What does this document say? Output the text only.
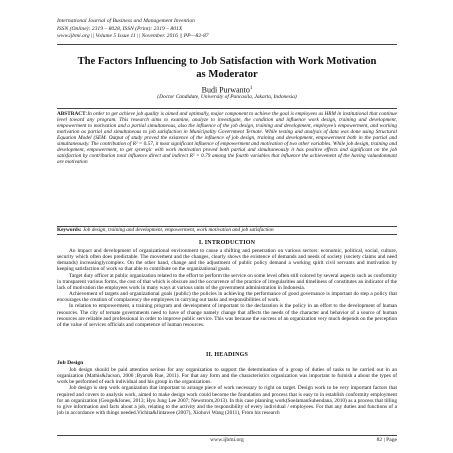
International Journal of Business and Management Invention
ISSN (Online): 2319 – 8028, ISSN (Print): 2319 – 801X
www.ijbmi.org || Volume 5 Issue 11 || November. 2016 || PP—82-87
The Factors Influencing to Job Satisfaction with Work Motivation
as Moderator
Budi Purwanto$^1$
(Doctor Candidate, University of Pancasila, Jakarta, Indonesia)
ABSTRACT:In order to get achieve job quality is aimed and optimally, major component to achieve the goal is employees as HRM in institutional that continue level toward any program. This research aims to examine, analyze to investigate, the condition and influence work design, training and development, empowerment to motivation and a partial simultaneous, also the influence of the job design, training and development, employee’s empowerment, and working motivation as partial and simultaneous to job satisfaction in Municipality Government Ternate. While testing and analysis of data was done using Structural Equation Model (SEM. Output of study proved the existence of the influence of job design, training and development, empowerment both in the partial and simultaneously. The contribution of R² = 0.57, it most significant influence of empowerment and motivation of two other variables. While job design, training and development, empowerment, to get synergic with work motivation proved both partial and simultaneously it has positive effects and significant on the job satisfaction by contribution total influence direct and indirect R² = 0.79 among the fourth variables that influence the achievement of the having valuedomnant are motivation
Keywords: Job design, training and development, empowerment, work motivation and job satisfaction
I. INTRODUCTION

An impact and development of organizational environment to cause a shifting and penetration on various sectors: economic, political, social, culture, security which often does predictable. The movement and the changes, clearly shows the existence of demands and needs of society (society claims and need demands) increasinglycomplex. On the other hand, change and the adjustment of public policy demand a working spirit civil servants and motivation by keeping satisfaction of work so that able to contribute on the organizational goals.

Target duty officer at public organization related to the effort to perform the service on some level often still colored by several aspects such as conformity in transparent various forms, the cost of that which is obscure and the occurrence of the practice of irregularities and timeliness of constitutes an indicator of the lack of motivation the employees work in many ways at various units of the government administration in Indonesia.

Achievement of targets and organizational goals (public) the policies in achieving the performance of good governance is important do step a policy that encourages the creation of complacency the employees in carrying out tasks and responsibilities of work.

In relation to empowerment, a training program and development of important to the declaration is the policy in an effort to the development of human resources. The city of ternate governments need to have of change namely change that affects the needs of the character and behavior of a source of human resources are reliable and professional in order to improve public service. This was because the success of an organization very much depends on the perception of the value of services officials and competence of human resources.

II. HEADINGS
Job Design

Job design should be paid attention serious for any organization to support the determination of a group of duties of tasks to be carried out in an organization (Mathis&Jacson, 2006 ;Byars& Rue, 2011). For that any form and the characteristics organization was important to furnish a about the types of work be performed of each individual and his group in the organizations.

Job design is step work organization that important to arrange piece of work necessary to right on target. Design work to be very important factors that required and covers to analysis work, aimed to make design work could become the foundation and process that is easy to in establish conformity employment for an organization (Geoge&Jones, 2013; Hyu Jung Lee 2007; Newstrom,2013). In this case planning work(SoelamanSuhendana, 2010) as a process that tilling to give information and facts about a job, relating to the activity and the responsibility of every individual / employees. For that any duties and functions of a job in accordance with things needed.Vichita&Jintawee (2007), Xiohovi Wang (2011), From his research

www.ijbmi.org	82 | Page
